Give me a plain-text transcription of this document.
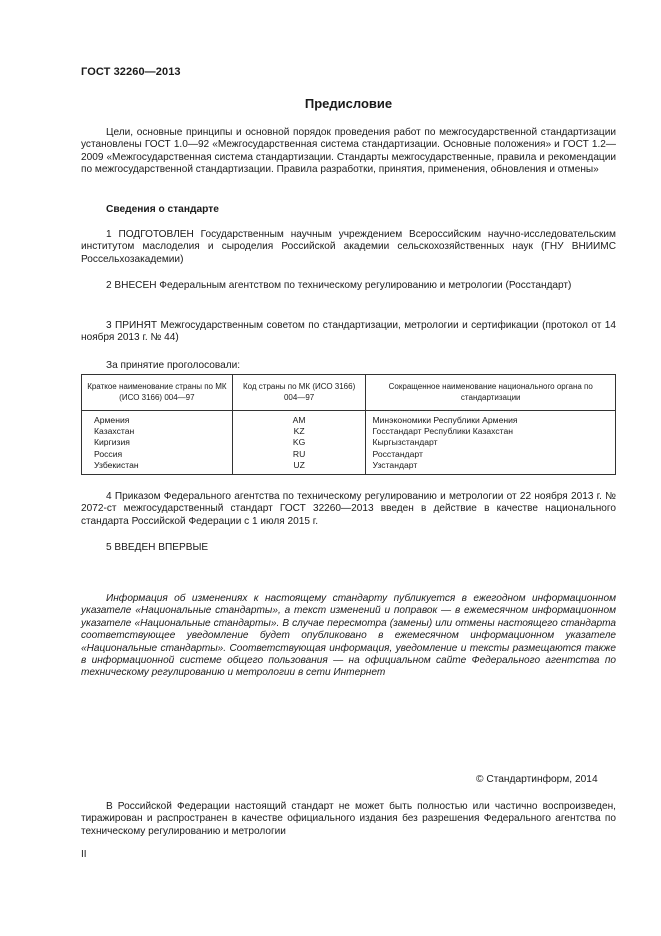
ГОСТ 32260—2013
Предисловие
Цели, основные принципы и основной порядок проведения работ по межгосударственной стандартизации установлены ГОСТ 1.0—92 «Межгосударственная система стандартизации. Основные положения» и ГОСТ 1.2—2009 «Межгосударственная система стандартизации. Стандарты межгосударственные, правила и рекомендации по межгосударственной стандартизации. Правила разработки, принятия, применения, обновления и отмены»
Сведения о стандарте
1 ПОДГОТОВЛЕН Государственным научным учреждением Всероссийским научно-исследовательским институтом маслоделия и сыроделия Российской академии сельскохозяйственных наук (ГНУ ВНИИМС Россельхозакадемии)
2 ВНЕСЕН Федеральным агентством по техническому регулированию и метрологии (Росстандарт)
3 ПРИНЯТ Межгосударственным советом по стандартизации, метрологии и сертификации (протокол от 14 ноября 2013 г. № 44)
За принятие проголосовали:
Краткое наименование страны по МК (ИСО 3166) 004—97	Код страны по МК (ИСО 3166) 004—97	Сокращенное наименование национального органа по стандартизации
Армения	AM	Минэкономики Республики Армения
Казахстан	KZ	Госстандарт Республики Казахстан
Киргизия	KG	Кыргызстандарт
Россия	RU	Росстандарт
Узбекистан	UZ	Узстандарт
4 Приказом Федерального агентства по техническому регулированию и метрологии от 22 ноября 2013 г. № 2072-ст межгосударственный стандарт ГОСТ 32260—2013 введен в действие в качестве национального стандарта Российской Федерации с 1 июля 2015 г.
5 ВВЕДЕН ВПЕРВЫЕ
Информация об изменениях к настоящему стандарту публикуется в ежегодном информационном указателе «Национальные стандарты», а текст изменений и поправок — в ежемесячном информационном указателе «Национальные стандарты». В случае пересмотра (замены) или отмены настоящего стандарта соответствующее уведомление будет опубликовано в ежемесячном информационном указателе «Национальные стандарты». Соответствующая информация, уведомление и тексты размещаются также в информационной системе общего пользования — на официальном сайте Федерального агентства по техническому регулированию и метрологии в сети Интернет
© Стандартинформ, 2014
В Российской Федерации настоящий стандарт не может быть полностью или частично воспроизведен, тиражирован и распространен в качестве официального издания без разрешения Федерального агентства по техническому регулированию и метрологии
II
